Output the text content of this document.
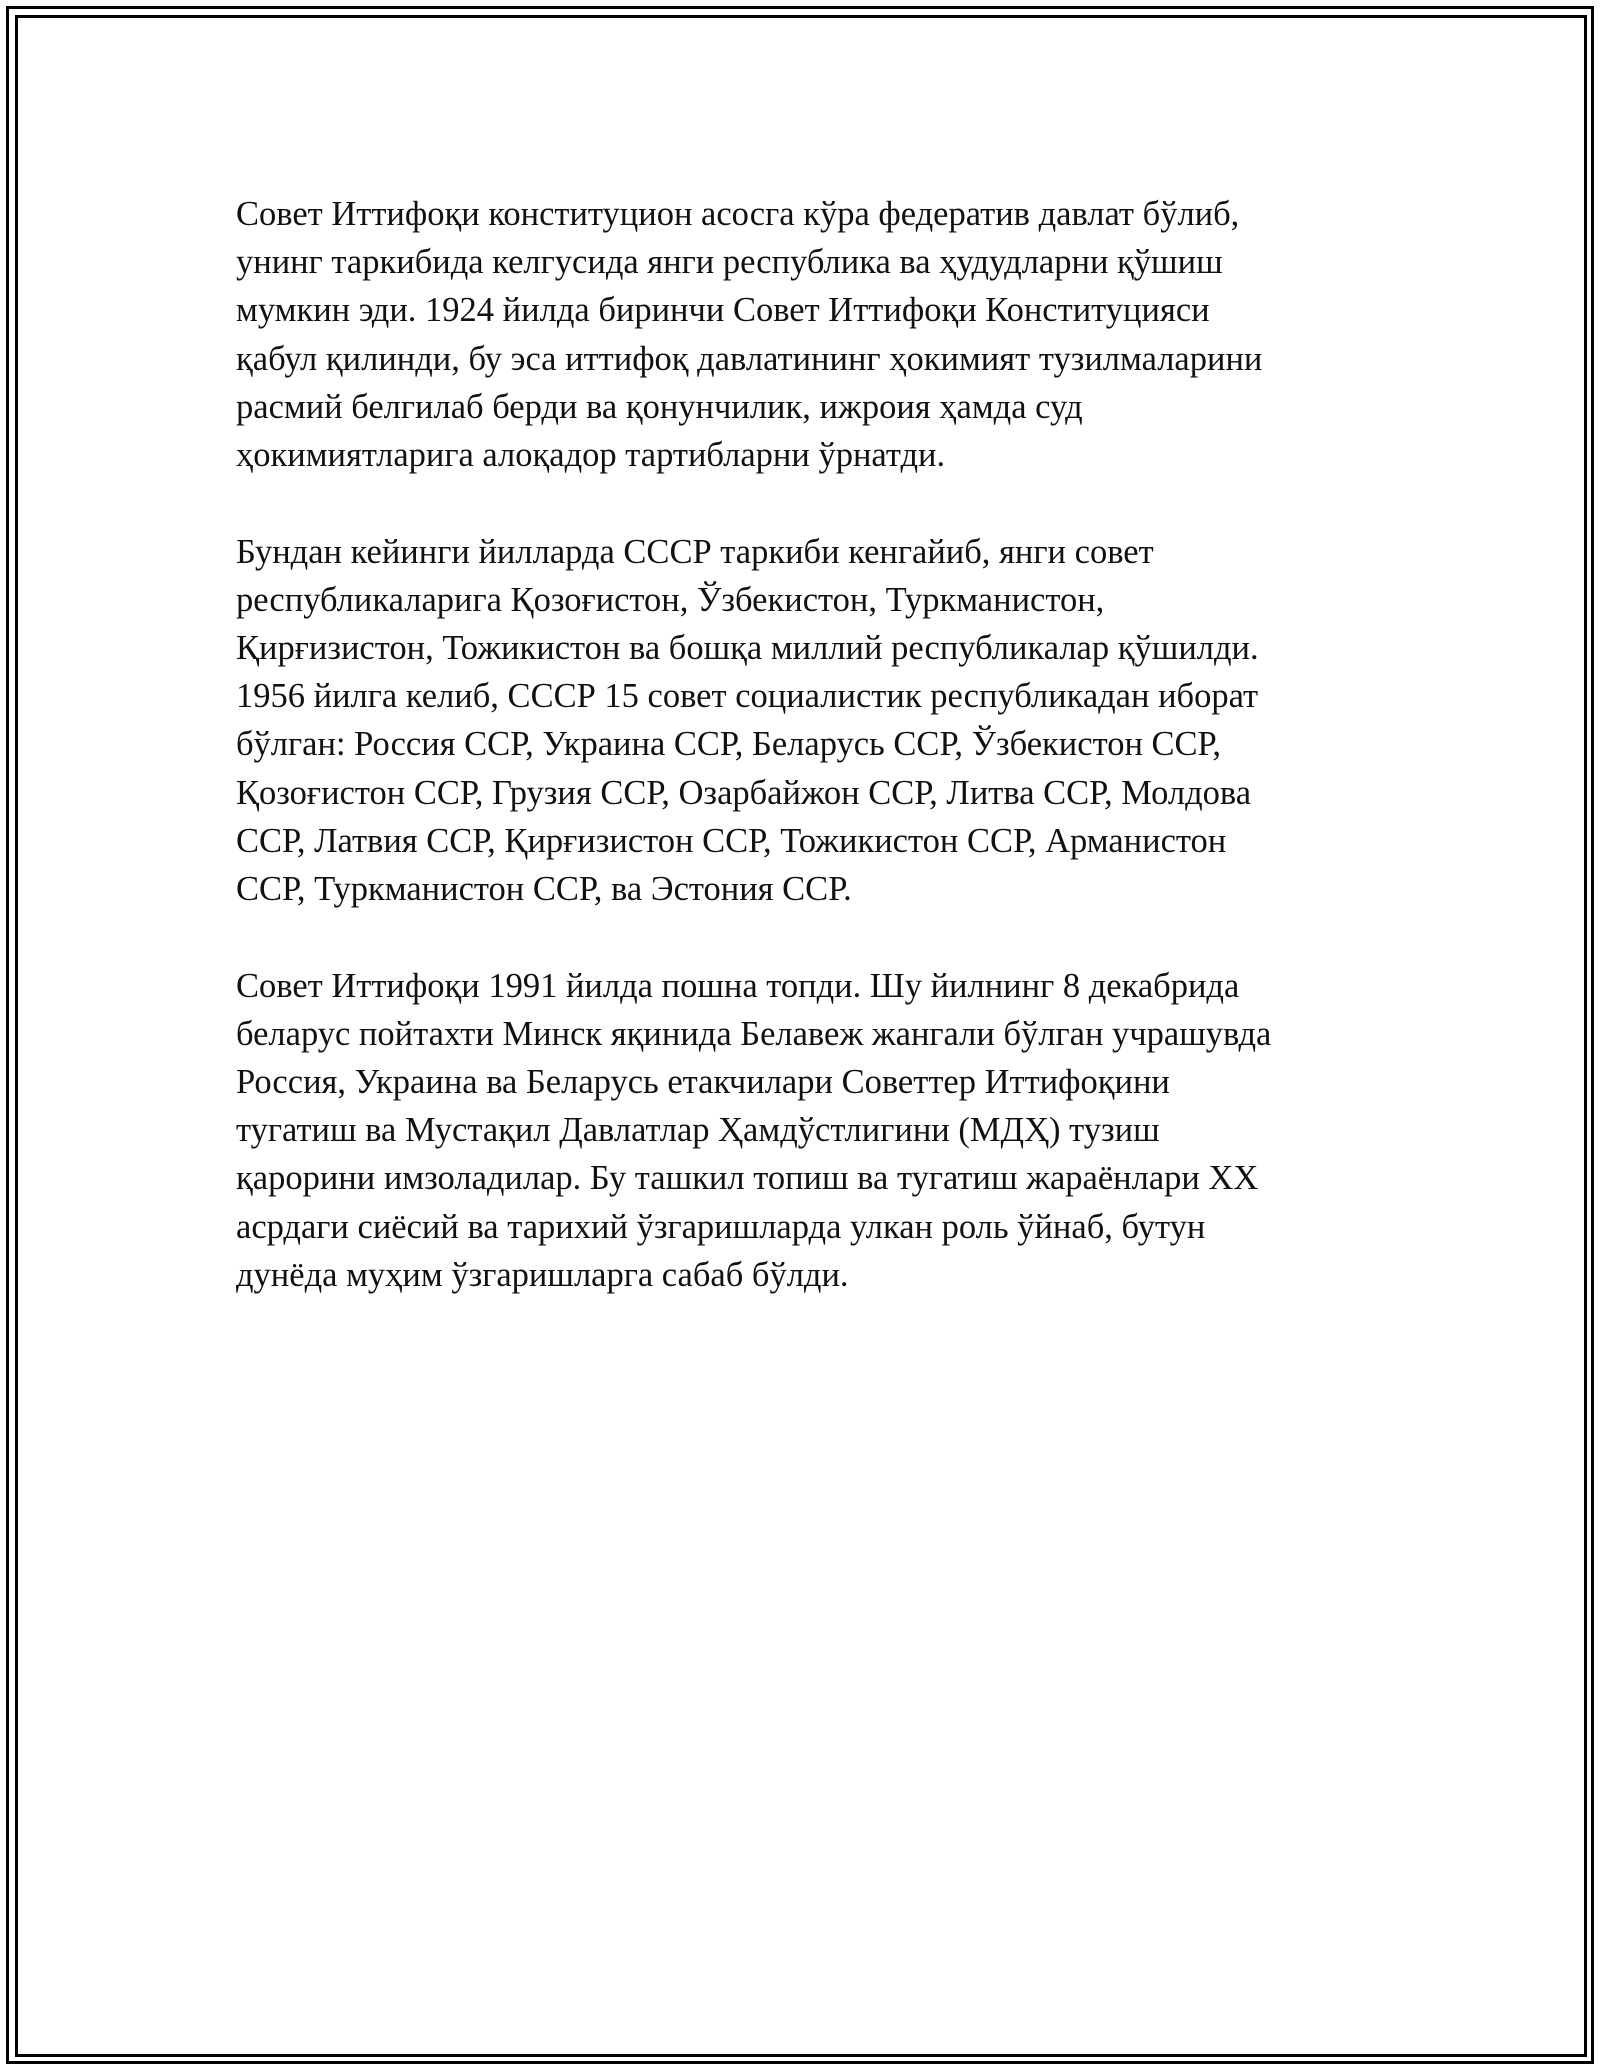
Совет Иттифоқи конституцион асосга кўра федератив давлат бўлиб,
унинг таркибида келгусида янги республика ва ҳудудларни қўшиш
мумкин эди. 1924 йилда биринчи Совет Иттифоқи Конституцияси
қабул қилинди, бу эса иттифоқ давлатининг ҳокимият тузилмаларини
расмий белгилаб берди ва қонунчилик, ижроия ҳамда суд
ҳокимиятларига алоқадор тартибларни ўрнатди.

Бундан кейинги йилларда СССР таркиби кенгайиб, янги совет
республикаларига Қозоғистон, Ўзбекистон, Туркманистон,
Қирғизистон, Тожикистон ва бошқа миллий республикалар қўшилди.
1956 йилга келиб, СССР 15 совет социалистик республикадан иборат
бўлган: Россия ССР, Украина ССР, Беларусь ССР, Ўзбекистон ССР,
Қозоғистон ССР, Грузия ССР, Озарбайжон ССР, Литва ССР, Молдова
ССР, Латвия ССР, Қирғизистон ССР, Тожикистон ССР, Арманистон
ССР, Туркманистон ССР, ва Эстония ССР.

Совет Иттифоқи 1991 йилда пошна топди. Шу йилнинг 8 декабрида
беларус пойтахти Минск яқинида Белавеж жангали бўлган учрашувда
Россия, Украина ва Беларусь етакчилари Советтер Иттифоқини
тугатиш ва Мустақил Давлатлар Ҳамдўстлигини (МДҲ) тузиш
қарорини имзоладилар. Бу ташкил топиш ва тугатиш жараёнлари XX
асрдаги сиёсий ва тарихий ўзгаришларда улкан роль ўйнаб, бутун
дунёда муҳим ўзгаришларга сабаб бўлди.
